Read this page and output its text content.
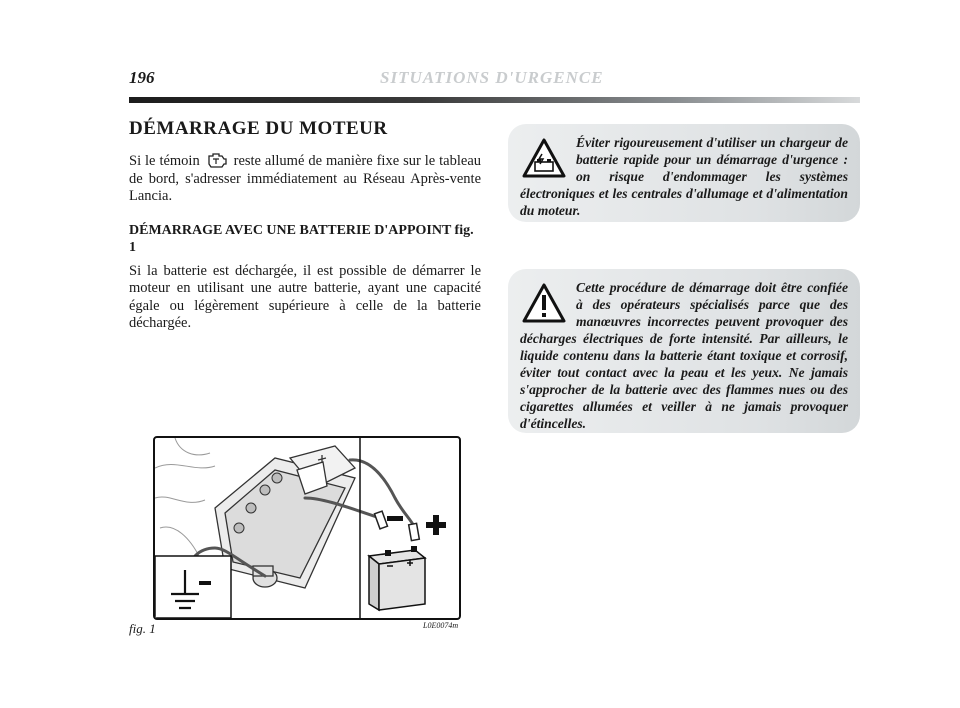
196	SITUATIONS D'URGENCE
DÉMARRAGE DU MOTEUR

Si le témoin reste allumé de manière fixe sur le tableau de bord, s'adresser immédiatement au Réseau Après-vente Lancia.

DÉMARRAGE AVEC UNE BATTERIE D'APPOINT fig. 1

Si la batterie est déchargée, il est possible de démarrer le moteur en utilisant une autre batterie, ayant une capacité égale ou légèrement supérieure à celle de la batterie déchargée.

Éviter rigoureusement d'utiliser un chargeur de batterie rapide pour un démarrage d'urgence : on risque d'endommager les systèmes électroniques et les centrales d'allumage et d'alimentation du moteur.
Cette procédure de démarrage doit être confiée à des opérateurs spécialisés parce que des manœuvres incorrectes peuvent provoquer des décharges électriques de forte intensité. Par ailleurs, le liquide contenu dans la batterie étant toxique et corrosif, éviter tout contact avec la peau et les yeux. Ne jamais s'approcher de la batterie avec des flammes nues ou des cigarettes allumées et veiller à ne jamais provoquer d'étincelles.
fig. 1	L0E0074m
